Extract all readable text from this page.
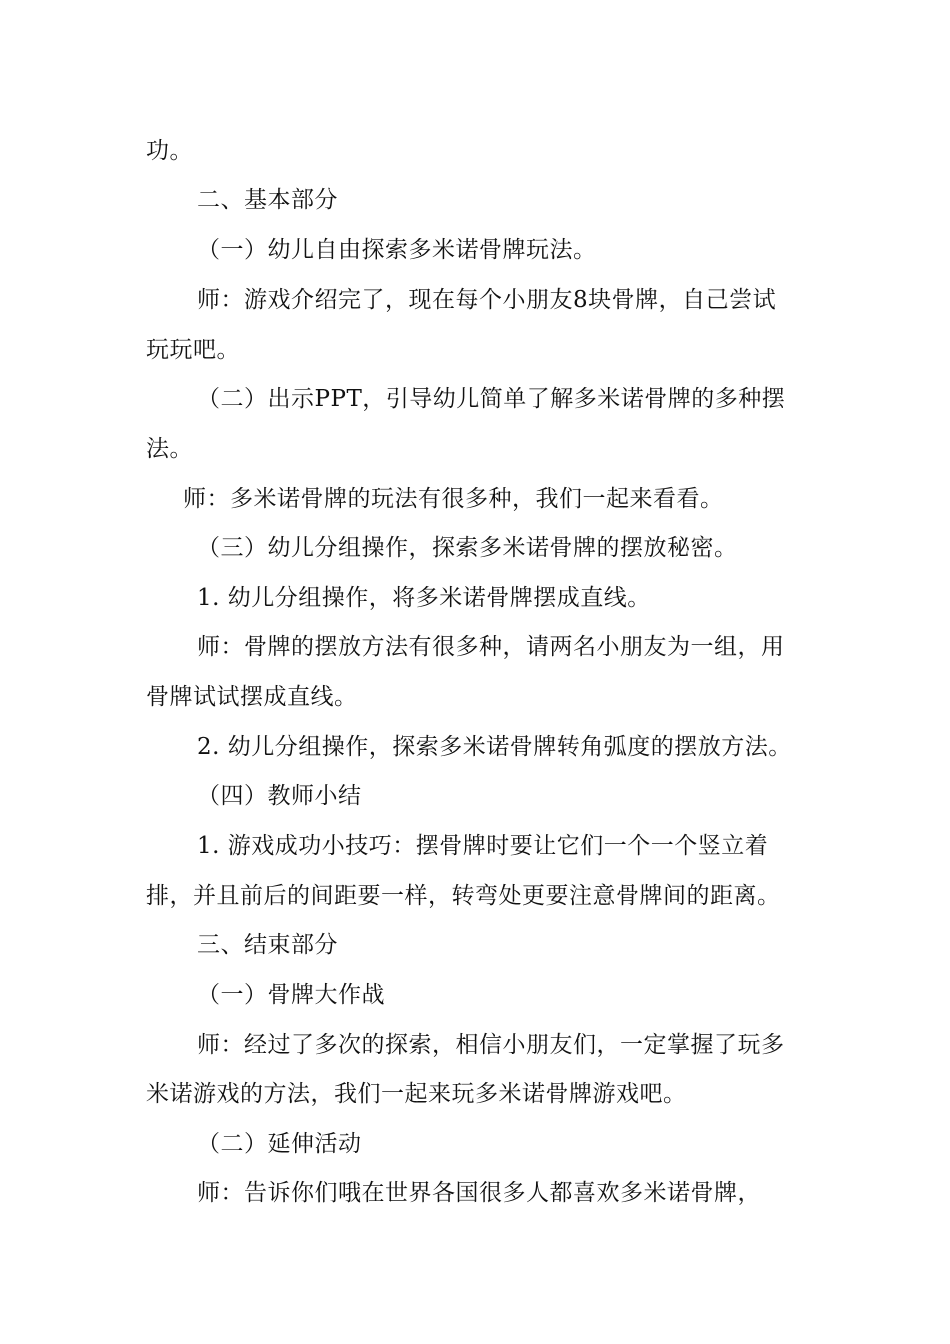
功。
二、基本部分
（一）幼儿自由探索多米诺骨牌玩法。
师：游戏介绍完了，现在每个小朋友8块骨牌，自己尝试
玩玩吧。
（二）出示PPT，引导幼儿简单了解多米诺骨牌的多种摆
法。
师：多米诺骨牌的玩法有很多种，我们一起来看看。
（三）幼儿分组操作，探索多米诺骨牌的摆放秘密。
1. 幼儿分组操作，将多米诺骨牌摆成直线。
师：骨牌的摆放方法有很多种，请两名小朋友为一组，用
骨牌试试摆成直线。
2. 幼儿分组操作，探索多米诺骨牌转角弧度的摆放方法。
（四）教师小结
1. 游戏成功小技巧：摆骨牌时要让它们一个一个竖立着
排，并且前后的间距要一样，转弯处更要注意骨牌间的距离。
三、结束部分
（一）骨牌大作战
师：经过了多次的探索，相信小朋友们，一定掌握了玩多
米诺游戏的方法，我们一起来玩多米诺骨牌游戏吧。
（二）延伸活动
师：告诉你们哦在世界各国很多人都喜欢多米诺骨牌，
